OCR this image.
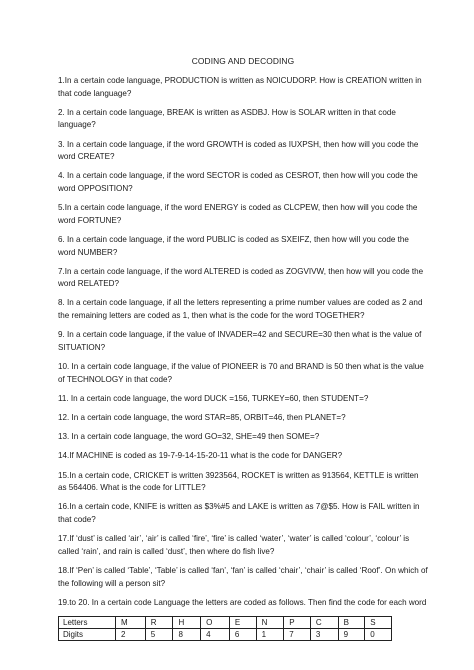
CODING AND DECODING

1.In a certain code language, PRODUCTION is written as NOICUDORP. How is CREATION written in that code language?

2. In a certain code language, BREAK is written as ASDBJ. How is SOLAR written in that code language?

3. In a certain code language, if the word GROWTH is coded as IUXPSH, then how will you code the word CREATE?

4. In a certain code language, if the word SECTOR is coded as CESROT, then how will you code the word OPPOSITION?

5.In a certain code language, if the word ENERGY is coded as CLCPEW, then how will you code the word FORTUNE?

6. In a certain code language, if the word PUBLIC is coded as SXEIFZ, then how will you code the word NUMBER?

7.In a certain code language, if the word ALTERED is coded as ZOGVIVW, then how will you code the word RELATED?

8. In a certain code language, if all the letters representing a prime number values are coded as 2 and the remaining letters are coded as 1, then what is the code for the word TOGETHER?

9. In a certain code language, if the value of INVADER=42 and SECURE=30 then what is the value of SITUATION?

10. In a certain code language, if the value of PIONEER is 70 and BRAND is 50 then what is the value of TECHNOLOGY in that code?

11. In a certain code language, the word DUCK =156, TURKEY=60, then STUDENT=?

12. In a certain code language, the word STAR=85, ORBIT=46, then PLANET=?

13. In a certain code language, the word GO=32, SHE=49 then SOME=?

14.If MACHINE is coded as 19-7-9-14-15-20-11 what is the code for DANGER?

15.In a certain code, CRICKET is written 3923564, ROCKET is written as 913564, KETTLE is written as 564406. What is the code for LITTLE?

16.In a certain code, KNIFE is written as $3%#5 and LAKE is written as 7@$5. How is FAIL written in that code?

17.If ‘dust’ is called ‘air’, ‘air’ is called ‘fire’, ‘fire’ is called ‘water’, ‘water’ is called ‘colour’, ‘colour’ is called ‘rain’, and rain is called ‘dust’, then where do fish live?

18.If ‘Pen’ is called ‘Table’, ‘Table’ is called ‘fan’, ‘fan’ is called ‘chair’, ‘chair’ is called ‘Roof’. On which of the following will a person sit?

19.to 20. In a certain code Language the letters are coded as follows. Then find the code for each word

Letters	M	R	H	O	E	N	P	C	B	S
Digits	2	5	8	4	6	1	7	3	9	0
